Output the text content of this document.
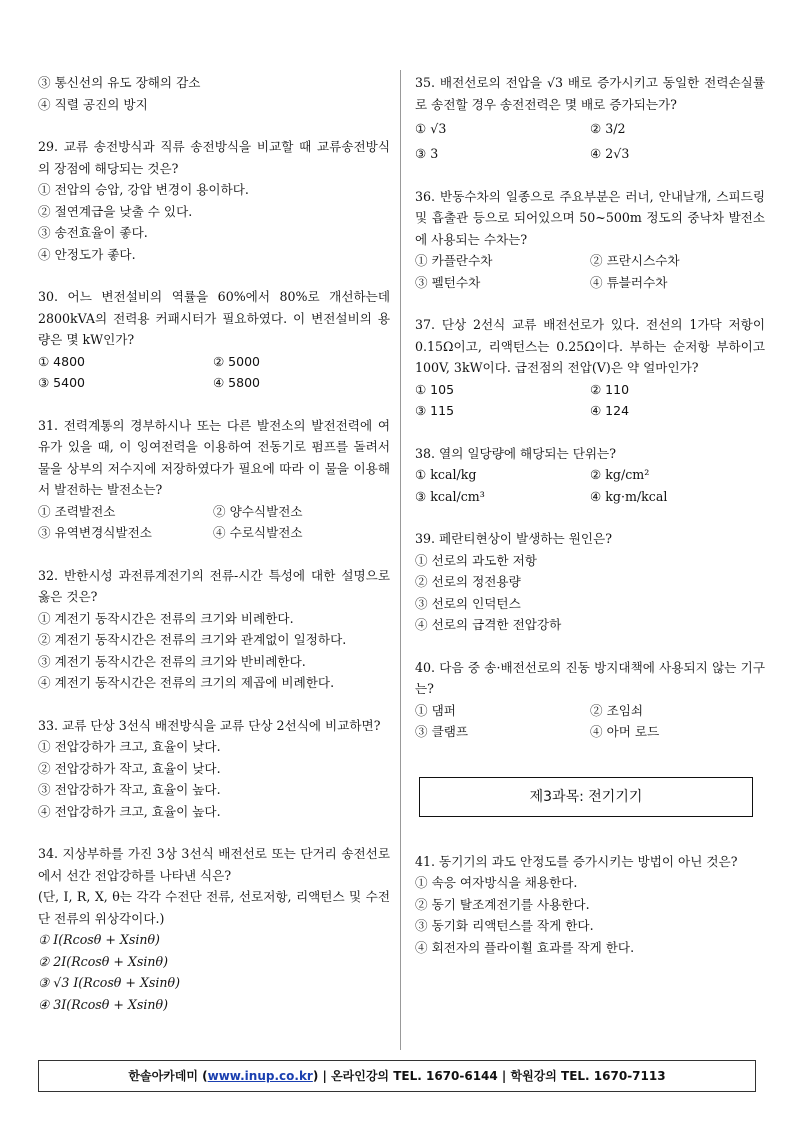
③ 통신선의 유도 장해의 감소
④ 직렬 공진의 방지
29. 교류 송전방식과 직류 송전방식을 비교할 때 교류송전방식의 장점에 해당되는 것은?
① 전압의 승압, 강압 변경이 용이하다.
② 절연계급을 낮출 수 있다.
③ 송전효율이 좋다.
④ 안정도가 좋다.
30. 어느 변전설비의 역률을 60%에서 80%로 개선하는데 2800kVA의 전력용 커패시터가 필요하였다. 이 변전설비의 용량은 몇 kW인가?
① 4800	② 5000
③ 5400	④ 5800
31. 전력계통의 경부하시나 또는 다른 발전소의 발전전력에 여유가 있을 때, 이 잉여전력을 이용하여 전동기로 펌프를 돌려서 물을 상부의 저수지에 저장하였다가 필요에 따라 이 물을 이용해서 발전하는 발전소는?
① 조력발전소	② 양수식발전소
③ 유역변경식발전소	④ 수로식발전소
32. 반한시성 과전류계전기의 전류-시간 특성에 대한 설명으로 옳은 것은?
① 계전기 동작시간은 전류의 크기와 비례한다.
② 계전기 동작시간은 전류의 크기와 관계없이 일정하다.
③ 계전기 동작시간은 전류의 크기와 반비례한다.
④ 계전기 동작시간은 전류의 크기의 제곱에 비례한다.
33. 교류 단상 3선식 배전방식을 교류 단상 2선식에 비교하면?
① 전압강하가 크고, 효율이 낮다.
② 전압강하가 작고, 효율이 낮다.
③ 전압강하가 작고, 효율이 높다.
④ 전압강하가 크고, 효율이 높다.
34. 지상부하를 가진 3상 3선식 배전선로 또는 단거리 송전선로에서 선간 전압강하를 나타낸 식은?
(단, I, R, X, θ는 각각 수전단 전류, 선로저항, 리액턴스 및 수전단 전류의 위상각이다.)
① I(Rcosθ + Xsinθ)
② 2I(Rcosθ + Xsinθ)
③ √3 I(Rcosθ + Xsinθ)
④ 3I(Rcosθ + Xsinθ)
35. 배전선로의 전압을 √3 배로 증가시키고 동일한 전력손실률로 송전할 경우 송전전력은 몇 배로 증가되는가?
① √3	② 3/2
③ 3	④ 2√3
36. 반동수차의 일종으로 주요부분은 러너, 안내날개, 스피드링 및 흡출관 등으로 되어있으며 50~500m 정도의 중낙차 발전소에 사용되는 수차는?
① 카플란수차	② 프란시스수차
③ 펠턴수차	④ 튜블러수차
37. 단상 2선식 교류 배전선로가 있다. 전선의 1가닥 저항이 0.15Ω이고, 리액턴스는 0.25Ω이다. 부하는 순저항 부하이고 100V, 3kW이다. 급전점의 전압(V)은 약 얼마인가?
① 105	② 110
③ 115	④ 124
38. 열의 일당량에 해당되는 단위는?
① kcal/kg	② kg/cm²
③ kcal/cm³	④ kg·m/kcal
39. 페란티현상이 발생하는 원인은?
① 선로의 과도한 저항
② 선로의 정전용량
③ 선로의 인덕턴스
④ 선로의 급격한 전압강하
40. 다음 중 송·배전선로의 진동 방지대책에 사용되지 않는 기구는?
① 댐퍼	② 조임쇠
③ 클램프	④ 아머 로드
제3과목: 전기기기
41. 동기기의 과도 안정도를 증가시키는 방법이 아닌 것은?
① 속응 여자방식을 채용한다.
② 동기 탈조계전기를 사용한다.
③ 동기화 리액턴스를 작게 한다.
④ 회전자의 플라이휠 효과를 작게 한다.
한솔아카데미 (www.inup.co.kr) | 온라인강의 TEL. 1670-6144 | 학원강의 TEL. 1670-7113
